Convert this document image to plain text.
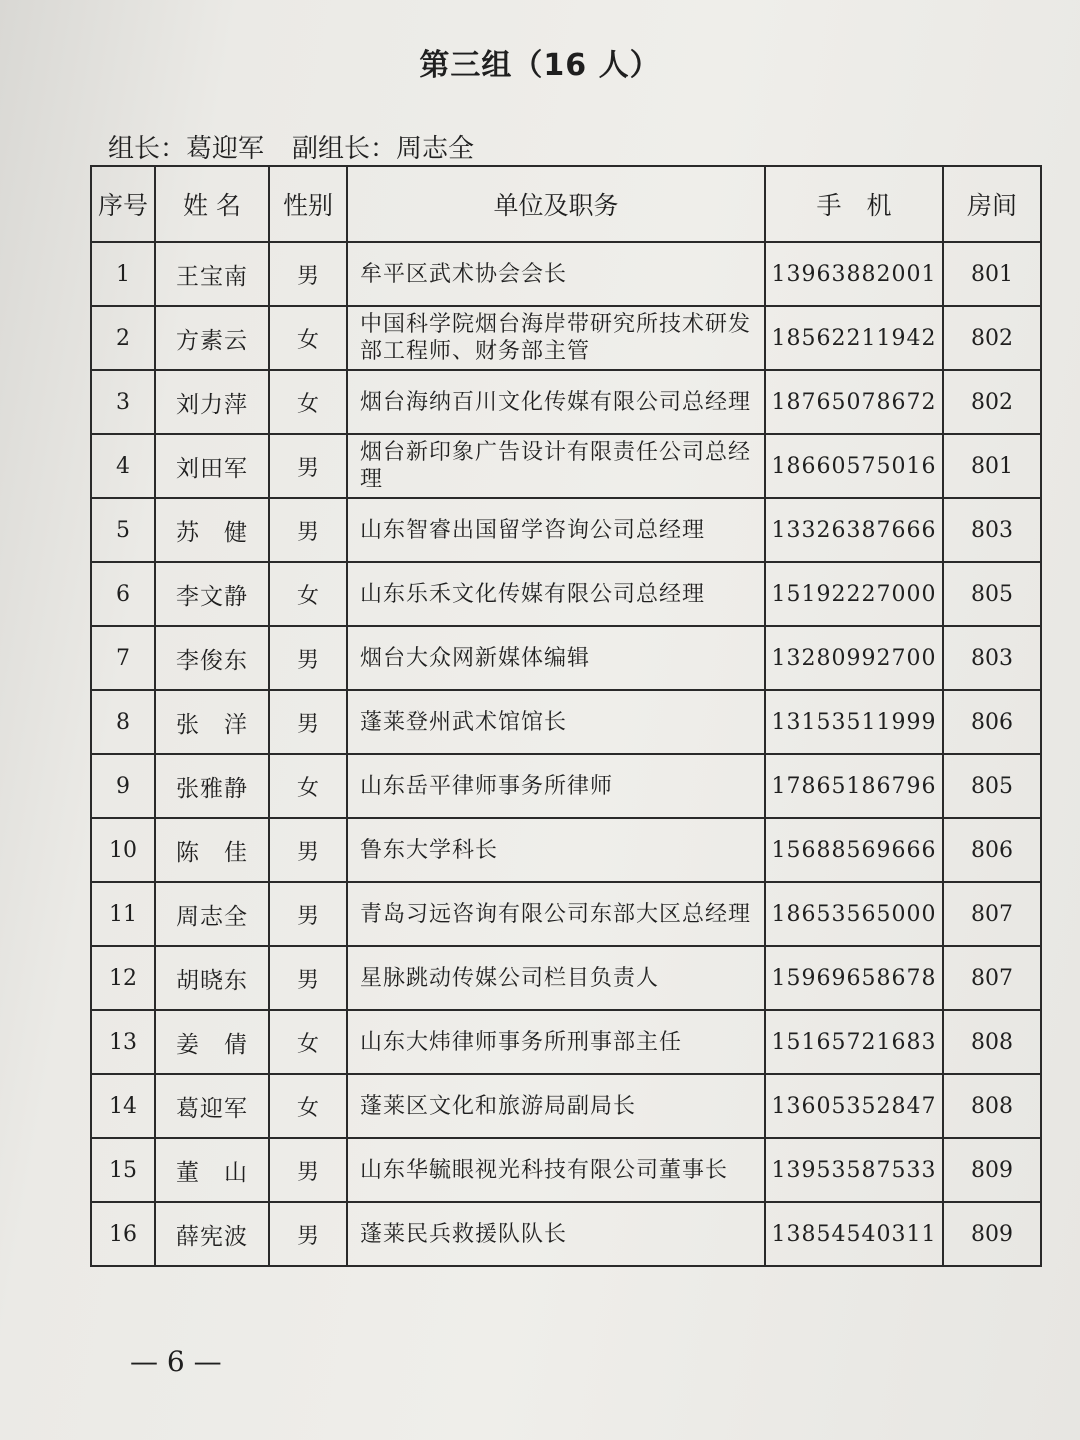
第三组（16 人）
组长：葛迎军 副组长：周志全
序号	姓 名	性别	单位及职务	手　机	房间
1	王宝南	男	牟平区武术协会会长	13963882001	801
2	方素云	女	中国科学院烟台海岸带研究所技术研发部工程师、财务部主管	18562211942	802
3	刘力萍	女	烟台海纳百川文化传媒有限公司总经理	18765078672	802
4	刘田军	男	烟台新印象广告设计有限责任公司总经理	18660575016	801
5	苏　健	男	山东智睿出国留学咨询公司总经理	13326387666	803
6	李文静	女	山东乐禾文化传媒有限公司总经理	15192227000	805
7	李俊东	男	烟台大众网新媒体编辑	13280992700	803
8	张　洋	男	蓬莱登州武术馆馆长	13153511999	806
9	张雅静	女	山东岳平律师事务所律师	17865186796	805
10	陈　佳	男	鲁东大学科长	15688569666	806
11	周志全	男	青岛习远咨询有限公司东部大区总经理	18653565000	807
12	胡晓东	男	星脉跳动传媒公司栏目负责人	15969658678	807
13	姜　倩	女	山东大炜律师事务所刑事部主任	15165721683	808
14	葛迎军	女	蓬莱区文化和旅游局副局长	13605352847	808
15	董　山	男	山东华毓眼视光科技有限公司董事长	13953587533	809
16	薛宪波	男	蓬莱民兵救援队队长	13854540311	809
— 6 —
